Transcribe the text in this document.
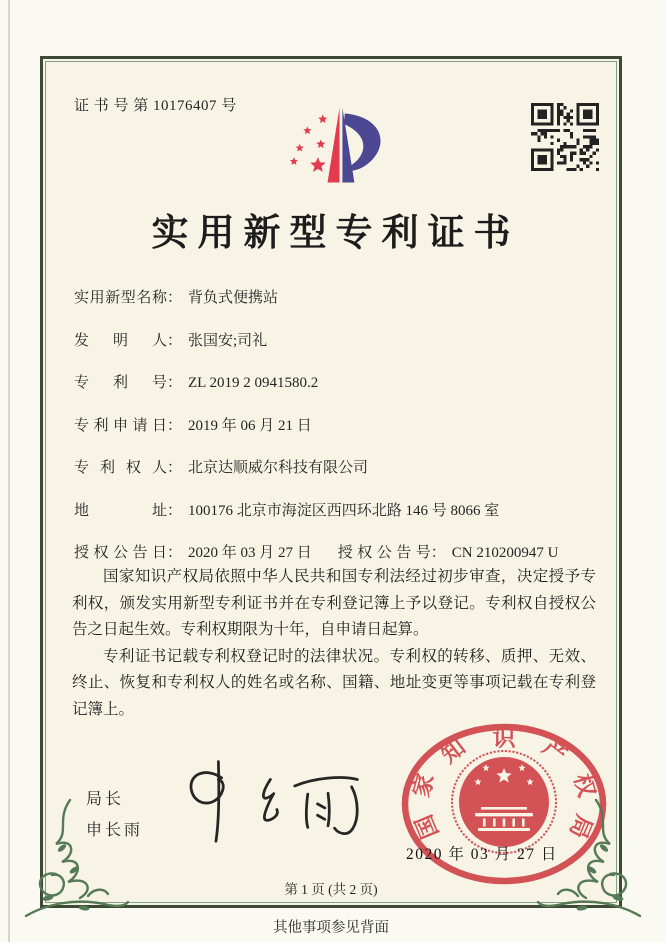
证 书 号 第 10176407 号
实用新型专利证书
实用新型名称： 背负式便携站
发明人： 张国安;司礼
专利号： ZL 2019 2 0941580.2
专利申请日： 2019 年 06 月 21 日
专利权人： 北京达顺威尔科技有限公司
地址： 100176 北京市海淀区西四环北路 146 号 8066 室
授权公告日： 2020 年 03 月 27 日 授权公告号： CN 210200947 U

国家知识产权局依照中华人民共和国专利法经过初步审查，决定授予专利权，颁发实用新型专利证书并在专利登记簿上予以登记。专利权自授权公告之日起生效。专利权期限为十年，自申请日起算。

专利证书记载专利权登记时的法律状况。专利权的转移、质押、无效、终止、恢复和专利权人的姓名或名称、国籍、地址变更等事项记载在专利登记簿上。

局长
申长雨	国
家
知 识 产
权
局
2020 年 03 月 27 日
第 1 页 (共 2 页)
其他事项参见背面
